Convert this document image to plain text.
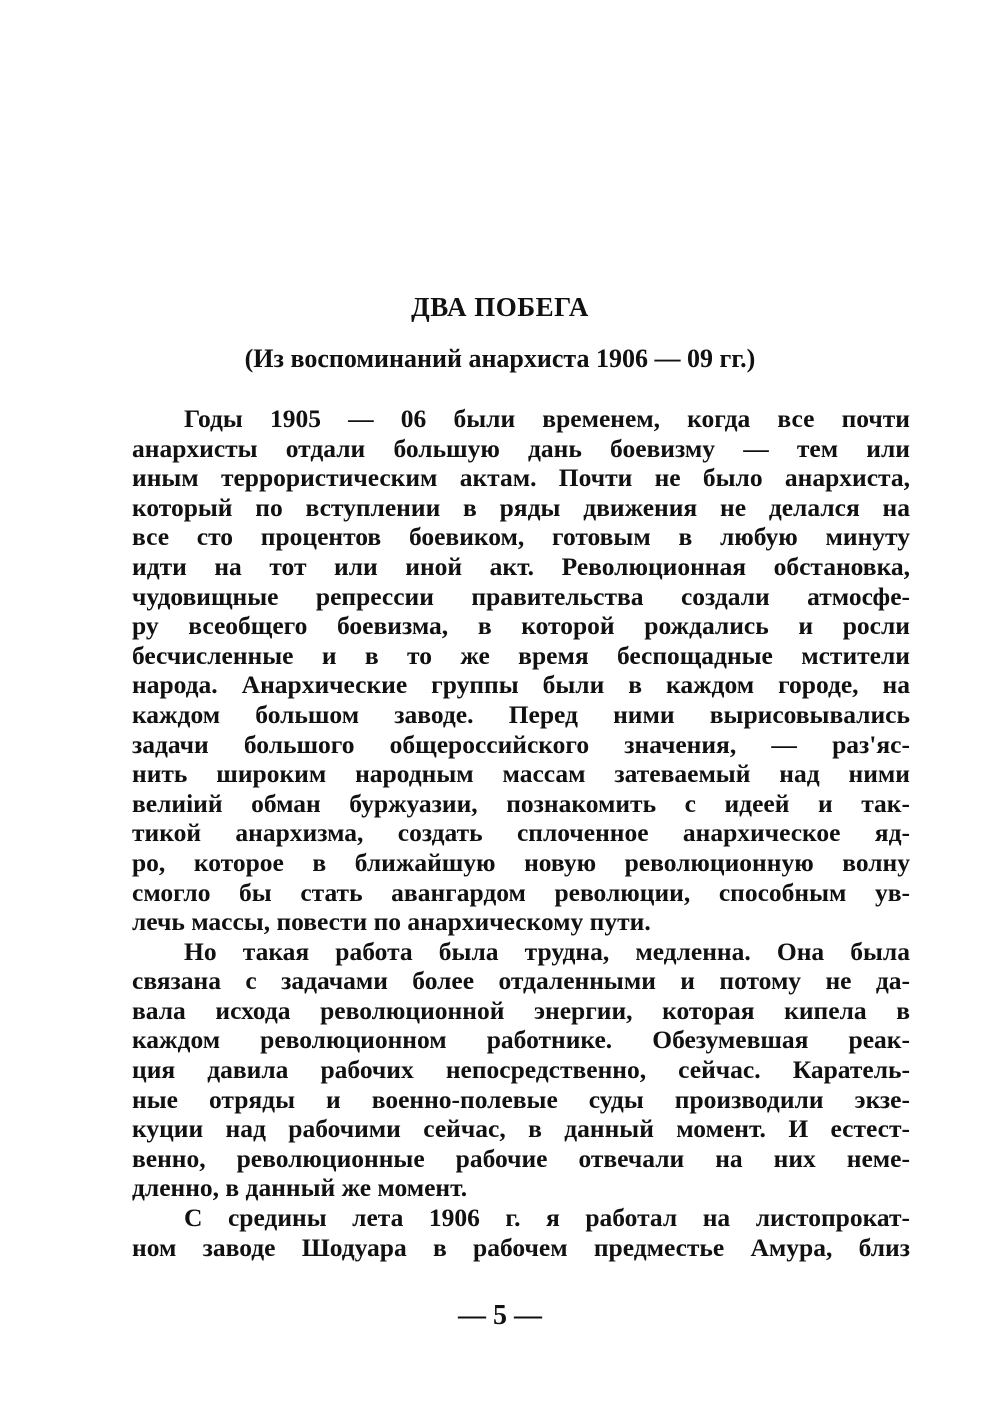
ДВА ПОБЕГА
(Из воспоминаний анархиста 1906 — 09 гг.)
Годы 1905 — 06 были временем, когда все почти
анархисты отдали большую дань боевизму — тем или
иным террористическим актам. Почти не было анархиста,
который по вступлении в ряды движения не делался на
все сто процентов боевиком, готовым в любую минуту
идти на тот или иной акт. Революционная обстановка,
чудовищные репрессии правительства создали атмосфе-
ру всеобщего боевизма, в которой рождались и росли
бесчисленные и в то же время беспощадные мстители
народа. Анархические группы были в каждом городе, на
каждом большом заводе. Перед ними вырисовывались
задачи большого общероссийского значения, — раз'яс-
нить широким народным массам затеваемый над ними
велиіий обман буржуазии, познакомить с идеей и так-
тикой анархизма, создать сплоченное анархическое яд-
ро, которое в ближайшую новую революционную волну
смогло бы стать авангардом революции, способным ув-
лечь массы, повести по анархическому пути.
Но такая работа была трудна, медленна. Она была
связана с задачами более отдаленными и потому не да-
вала исхода революционной энергии, которая кипела в
каждом революционном работнике. Обезумевшая реак-
ция давила рабочих непосредственно, сейчас. Каратель-
ные отряды и военно-полевые суды производили экзе-
куции над рабочими сейчас, в данный момент. И естест-
венно, революционные рабочие отвечали на них неме-
дленно, в данный же момент.
С средины лета 1906 г. я работал на листопрокат-
ном заводе Шодуара в рабочем предместье Амура, близ
— 5 —
